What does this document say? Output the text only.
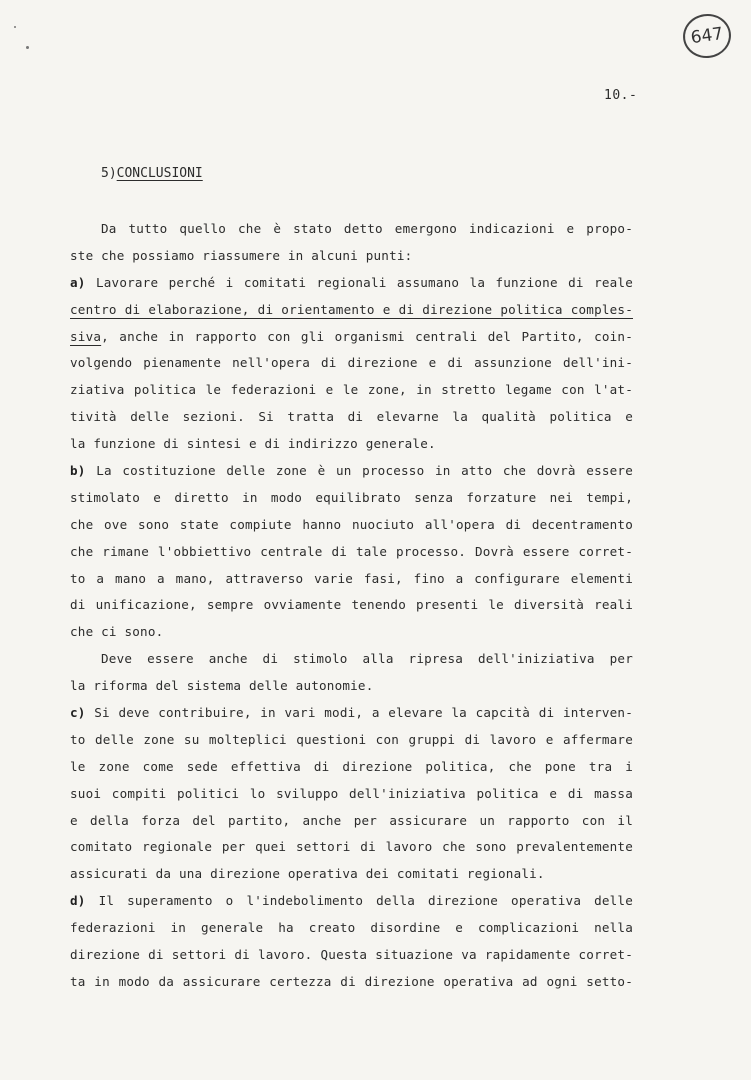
647
10.-
5)CONCLUSIONI
Da tutto quello che è stato detto emergono indicazioni e propo-
ste che possiamo riassumere in alcuni punti:
a) Lavorare perché i comitati regionali assumano la funzione di reale
centro di elaborazione, di orientamento e di direzione politica comples-
siva, anche in rapporto con gli organismi centrali del Partito, coin-
volgendo pienamente nell'opera di direzione e di assunzione dell'ini-
ziativa politica le federazioni e le zone, in stretto legame con l'at-
tività delle sezioni. Si tratta di elevarne la qualità politica e
la funzione di sintesi e di indirizzo generale.
b) La costituzione delle zone è un processo in atto che dovrà essere
stimolato e diretto in modo equilibrato senza forzature nei tempi,
che ove sono state compiute hanno nuociuto all'opera di decentramento
che rimane l'obbiettivo centrale di tale processo. Dovrà essere corret-
to a mano a mano, attraverso varie fasi, fino a configurare elementi
di unificazione, sempre ovviamente tenendo presenti le diversità reali
che ci sono.
Deve essere anche di stimolo alla ripresa dell'iniziativa per
la riforma del sistema delle autonomie.
c) Si deve contribuire, in vari modi, a elevare la capcità di interven-
to delle zone su molteplici questioni con gruppi di lavoro e affermare
le zone come sede effettiva di direzione politica, che pone tra i
suoi compiti politici lo sviluppo dell'iniziativa politica e di massa
e della forza del partito, anche per assicurare un rapporto con il
comitato regionale per quei settori di lavoro che sono prevalentemente
assicurati da una direzione operativa dei comitati regionali.
d) Il superamento o l'indebolimento della direzione operativa delle
federazioni in generale ha creato disordine e complicazioni nella
direzione di settori di lavoro. Questa situazione va rapidamente corret-
ta in modo da assicurare certezza di direzione operativa ad ogni setto-
